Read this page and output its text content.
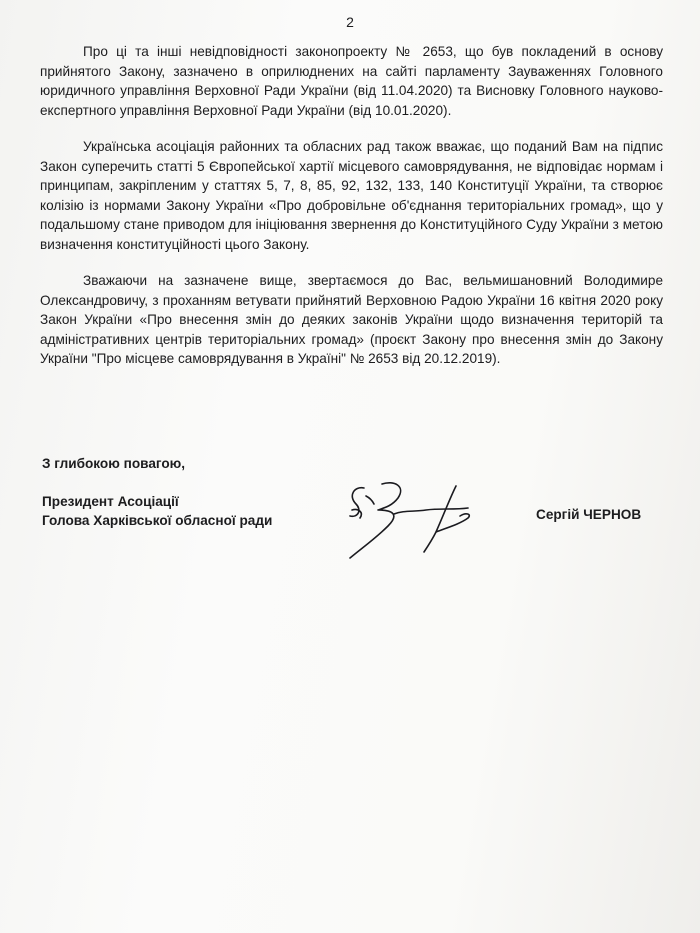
2

Про ці та інші невідповідності законопроекту № 2653, що був покладений в основу прийнятого Закону, зазначено в оприлюднених на сайті парламенту Зауваженнях Головного юридичного управління Верховної Ради України (від 11.04.2020) та Висновку Головного науково-експертного управління Верховної Ради України (від 10.01.2020).

Українська асоціація районних та обласних рад також вважає, що поданий Вам на підпис Закон суперечить статті 5 Європейської хартії місцевого самоврядування, не відповідає нормам і принципам, закріпленим у статтях 5, 7, 8, 85, 92, 132, 133, 140 Конституції України, та створює колізію із нормами Закону України «Про добровільне об'єднання територіальних громад», що у подальшому стане приводом для ініціювання звернення до Конституційного Суду України з метою визначення конституційності цього Закону.

Зважаючи на зазначене вище, звертаємося до Вас, вельмишановний Володимире Олександровичу, з проханням ветувати прийнятий Верховною Радою України 16 квітня 2020 року Закон України «Про внесення змін до деяких законів України щодо визначення територій та адміністративних центрів територіальних громад» (проєкт Закону про внесення змін до Закону України "Про місцеве самоврядування в Україні" № 2653 від 20.12.2019).

З глибокою повагою,
Президент Асоціації
Голова Харківської обласної ради	Сергій ЧЕРНОВ
